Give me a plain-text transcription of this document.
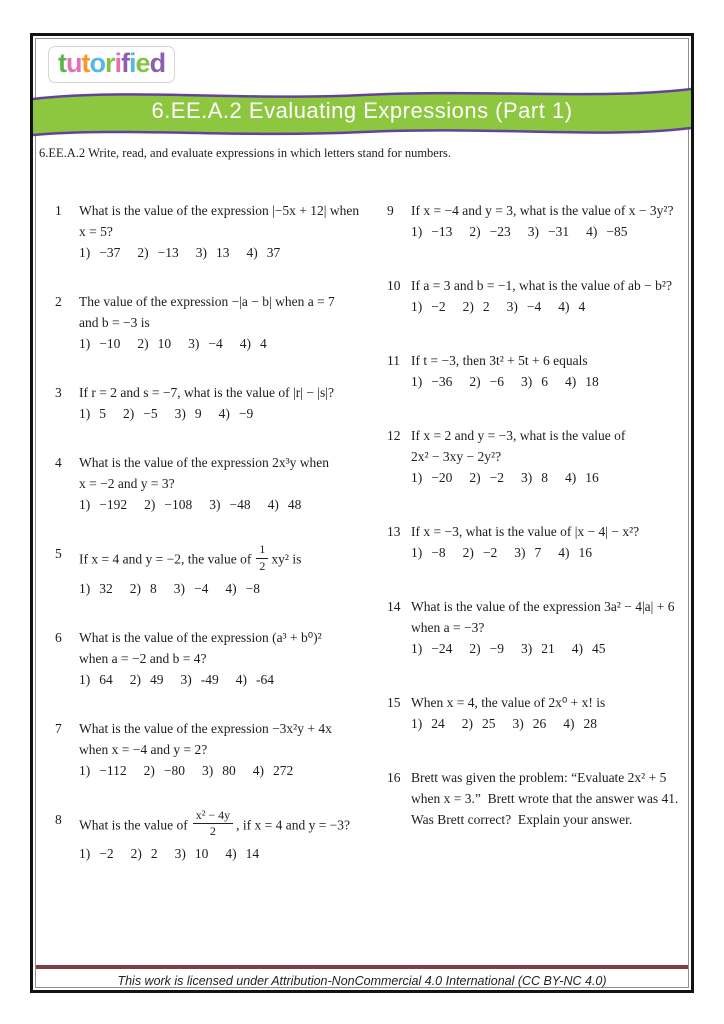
tutorified
6.EE.A.2 Evaluating Expressions (Part 1)
6.EE.A.2 Write, read, and evaluate expressions in which letters stand for numbers.
1	What is the value of the expression |−5x + 12| when
x = 5?
1) −37 2) −13 3) 13 4) 37
2	The value of the expression −|a − b| when a = 7
and b = −3 is
1) −10 2) 10 3) −4 4) 4
3	If r = 2 and s = −7, what is the value of |r| − |s|?
1) 5 2) −5 3) 9 4) −9
4	What is the value of the expression 2x³y when
x = −2 and y = 3?
1) −192 2) −108 3) −48 4) 48
5	If x = 4 and y = −2, the value of $\frac{1}{2} xy^2$ is
1) 32 2) 8 3) −4 4) −8
6	What is the value of the expression (a³ + b⁰)²
when a = −2 and b = 4?
1) 64 2) 49 3) -49 4) -64
7	What is the value of the expression −3x²y + 4x
when x = −4 and y = 2?
1) −112 2) −80 3) 80 4) 272
8	What is the value of $\frac{\text{x² − 4y}}{2}$ , if x = 4 and y = −3?
1) −2 2) 2 3) 10 4) 14
9	If x = −4 and y = 3, what is the value of x − 3y²?
1) −13 2) −23 3) −31 4) −85
10 If a = 3 and b = −1, what is the value of ab − b²?
1) −2 2) 2 3) −4 4) 4
11 If t = −3, then 3t² + 5t + 6 equals
1) −36 2) −6 3) 6 4) 18
12 If x = 2 and y = −3, what is the value of
2x² − 3xy − 2y²?
1) −20 2) −2 3) 8 4) 16
13 If x = −3, what is the value of |x − 4| − x²?
1) −8 2) −2 3) 7 4) 16
14 What is the value of the expression 3a² − 4|a| + 6
when a = −3?
1) −24 2) −9 3) 21 4) 45
15 When x = 4, the value of 2x⁰ + x! is
1) 24 2) 25 3) 26 4) 28
16 Brett was given the problem: “Evaluate 2x² + 5
when x = 3.”  Brett wrote that the answer was 41.
Was Brett correct?  Explain your answer.
This work is licensed under Attribution-NonCommercial 4.0 International (CC BY-NC 4.0)
